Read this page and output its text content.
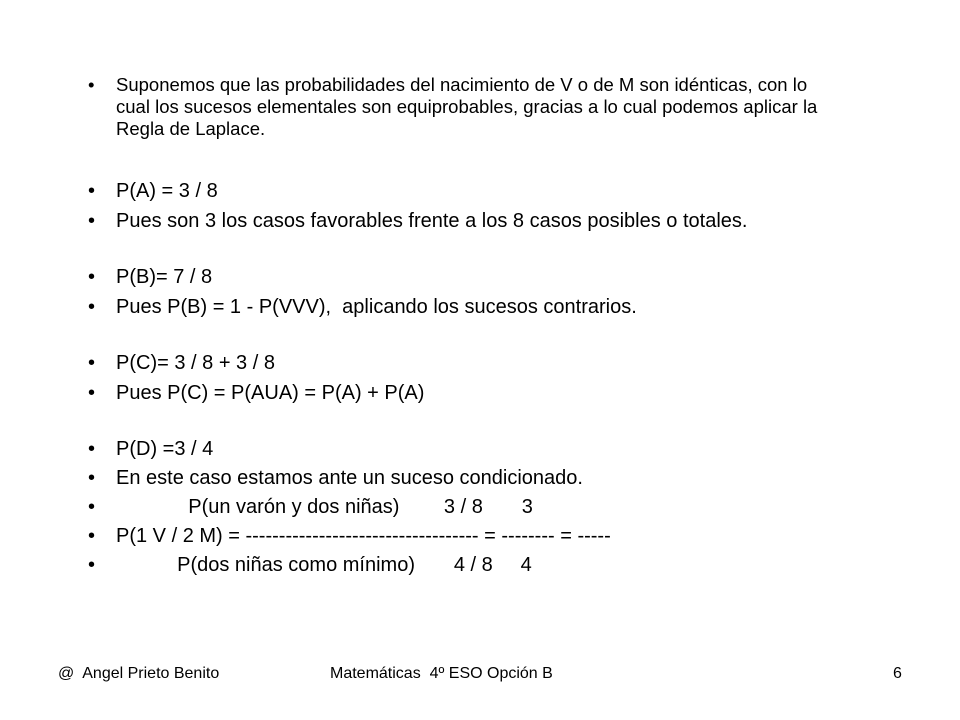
•

	Suponemos que las probabilidades del nacimiento de V o de M son idénticas, con lo cual los sucesos elementales son equiprobables, gracias a lo cual podemos aplicar la Regla de Laplace.

•

	P(A) = 3 / 8

•

	Pues son 3 los casos favorables frente a los 8 casos posibles o totales.

•

	P(B)= 7 / 8

•

	Pues P(B) = 1 - P(VVV),  aplicando los sucesos contrarios.

•

	P(C)= 3 / 8 + 3 / 8

•

	Pues P(C) = P(AUA) = P(A) + P(A)

•

	P(D) =3 / 4

•

	En este caso estamos ante un suceso condicionado.

•

	P(un varón y dos niñas)        3 / 8       3

•

	P(1 V / 2 M) = ----------------------------------- = -------- = -----

•

	P(dos niñas como mínimo)       4 / 8     4

@  Angel Prieto Benito	Matemáticas  4º ESO Opción B	6
